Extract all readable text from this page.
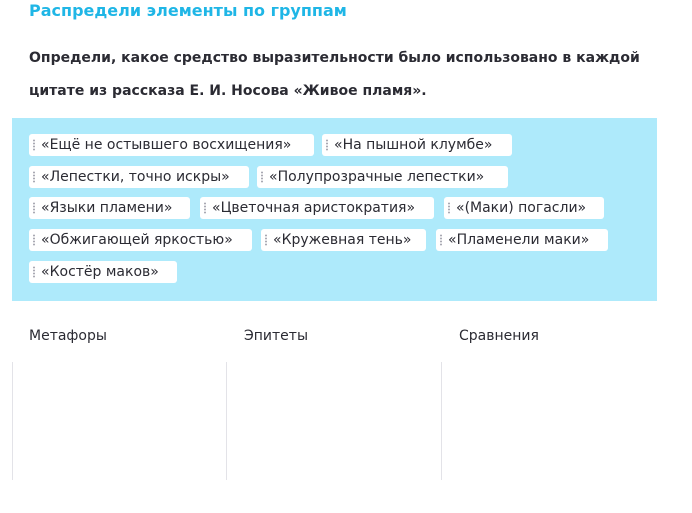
Распредели элементы по группам
Определи, какое средство выразительности было использовано в каждой цитате из рассказа Е. И. Носова «Живое пламя».
«Ещё не остывшего восхищения»	«На пышной клумбе»
«Лепестки, точно искры»	«Полупрозрачные лепестки»
«Языки пламени»	«Цветочная аристократия»	«(Маки) погасли»
«Обжигающей яркостью»	«Кружевная тень»	«Пламенели маки»
«Костёр маков»
Метафоры	Эпитеты	Сравнения
